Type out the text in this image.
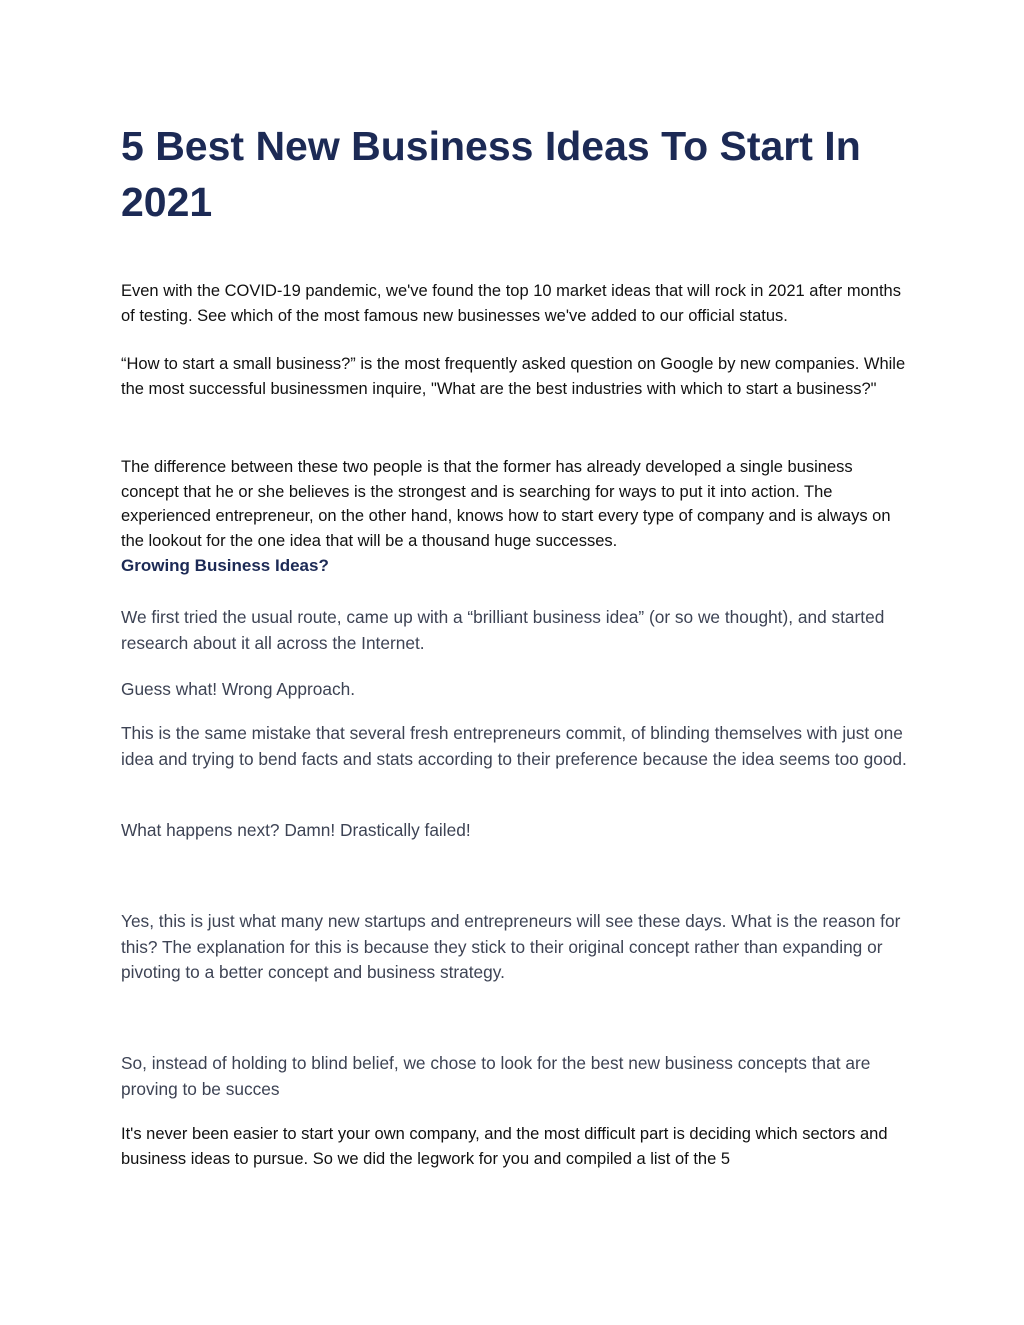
5 Best New Business Ideas To Start In 2021

Even with the COVID-19 pandemic, we've found the top 10 market ideas that will rock in 2021 after months of testing. See which of the most famous new businesses we've added to our official status.

“How to start a small business?” is the most frequently asked question on Google by new companies. While the most successful businessmen inquire, "What are the best industries with which to start a business?"

The difference between these two people is that the former has already developed a single business concept that he or she believes is the strongest and is searching for ways to put it into action. The experienced entrepreneur, on the other hand, knows how to start every type of company and is always on the lookout for the one idea that will be a thousand huge successes.

Growing Business Ideas?

We first tried the usual route, came up with a “brilliant business idea” (or so we thought), and started research about it all across the Internet.

Guess what! Wrong Approach.

This is the same mistake that several fresh entrepreneurs commit, of blinding themselves with just one idea and trying to bend facts and stats according to their preference because the idea seems too good.

What happens next? Damn! Drastically failed!

Yes, this is just what many new startups and entrepreneurs will see these days. What is the reason for this? The explanation for this is because they stick to their original concept rather than expanding or pivoting to a better concept and business strategy.

So, instead of holding to blind belief, we chose to look for the best new business concepts that are proving to be succes

It's never been easier to start your own company, and the most difficult part is deciding which sectors and business ideas to pursue. So we did the legwork for you and compiled a list of the 5
